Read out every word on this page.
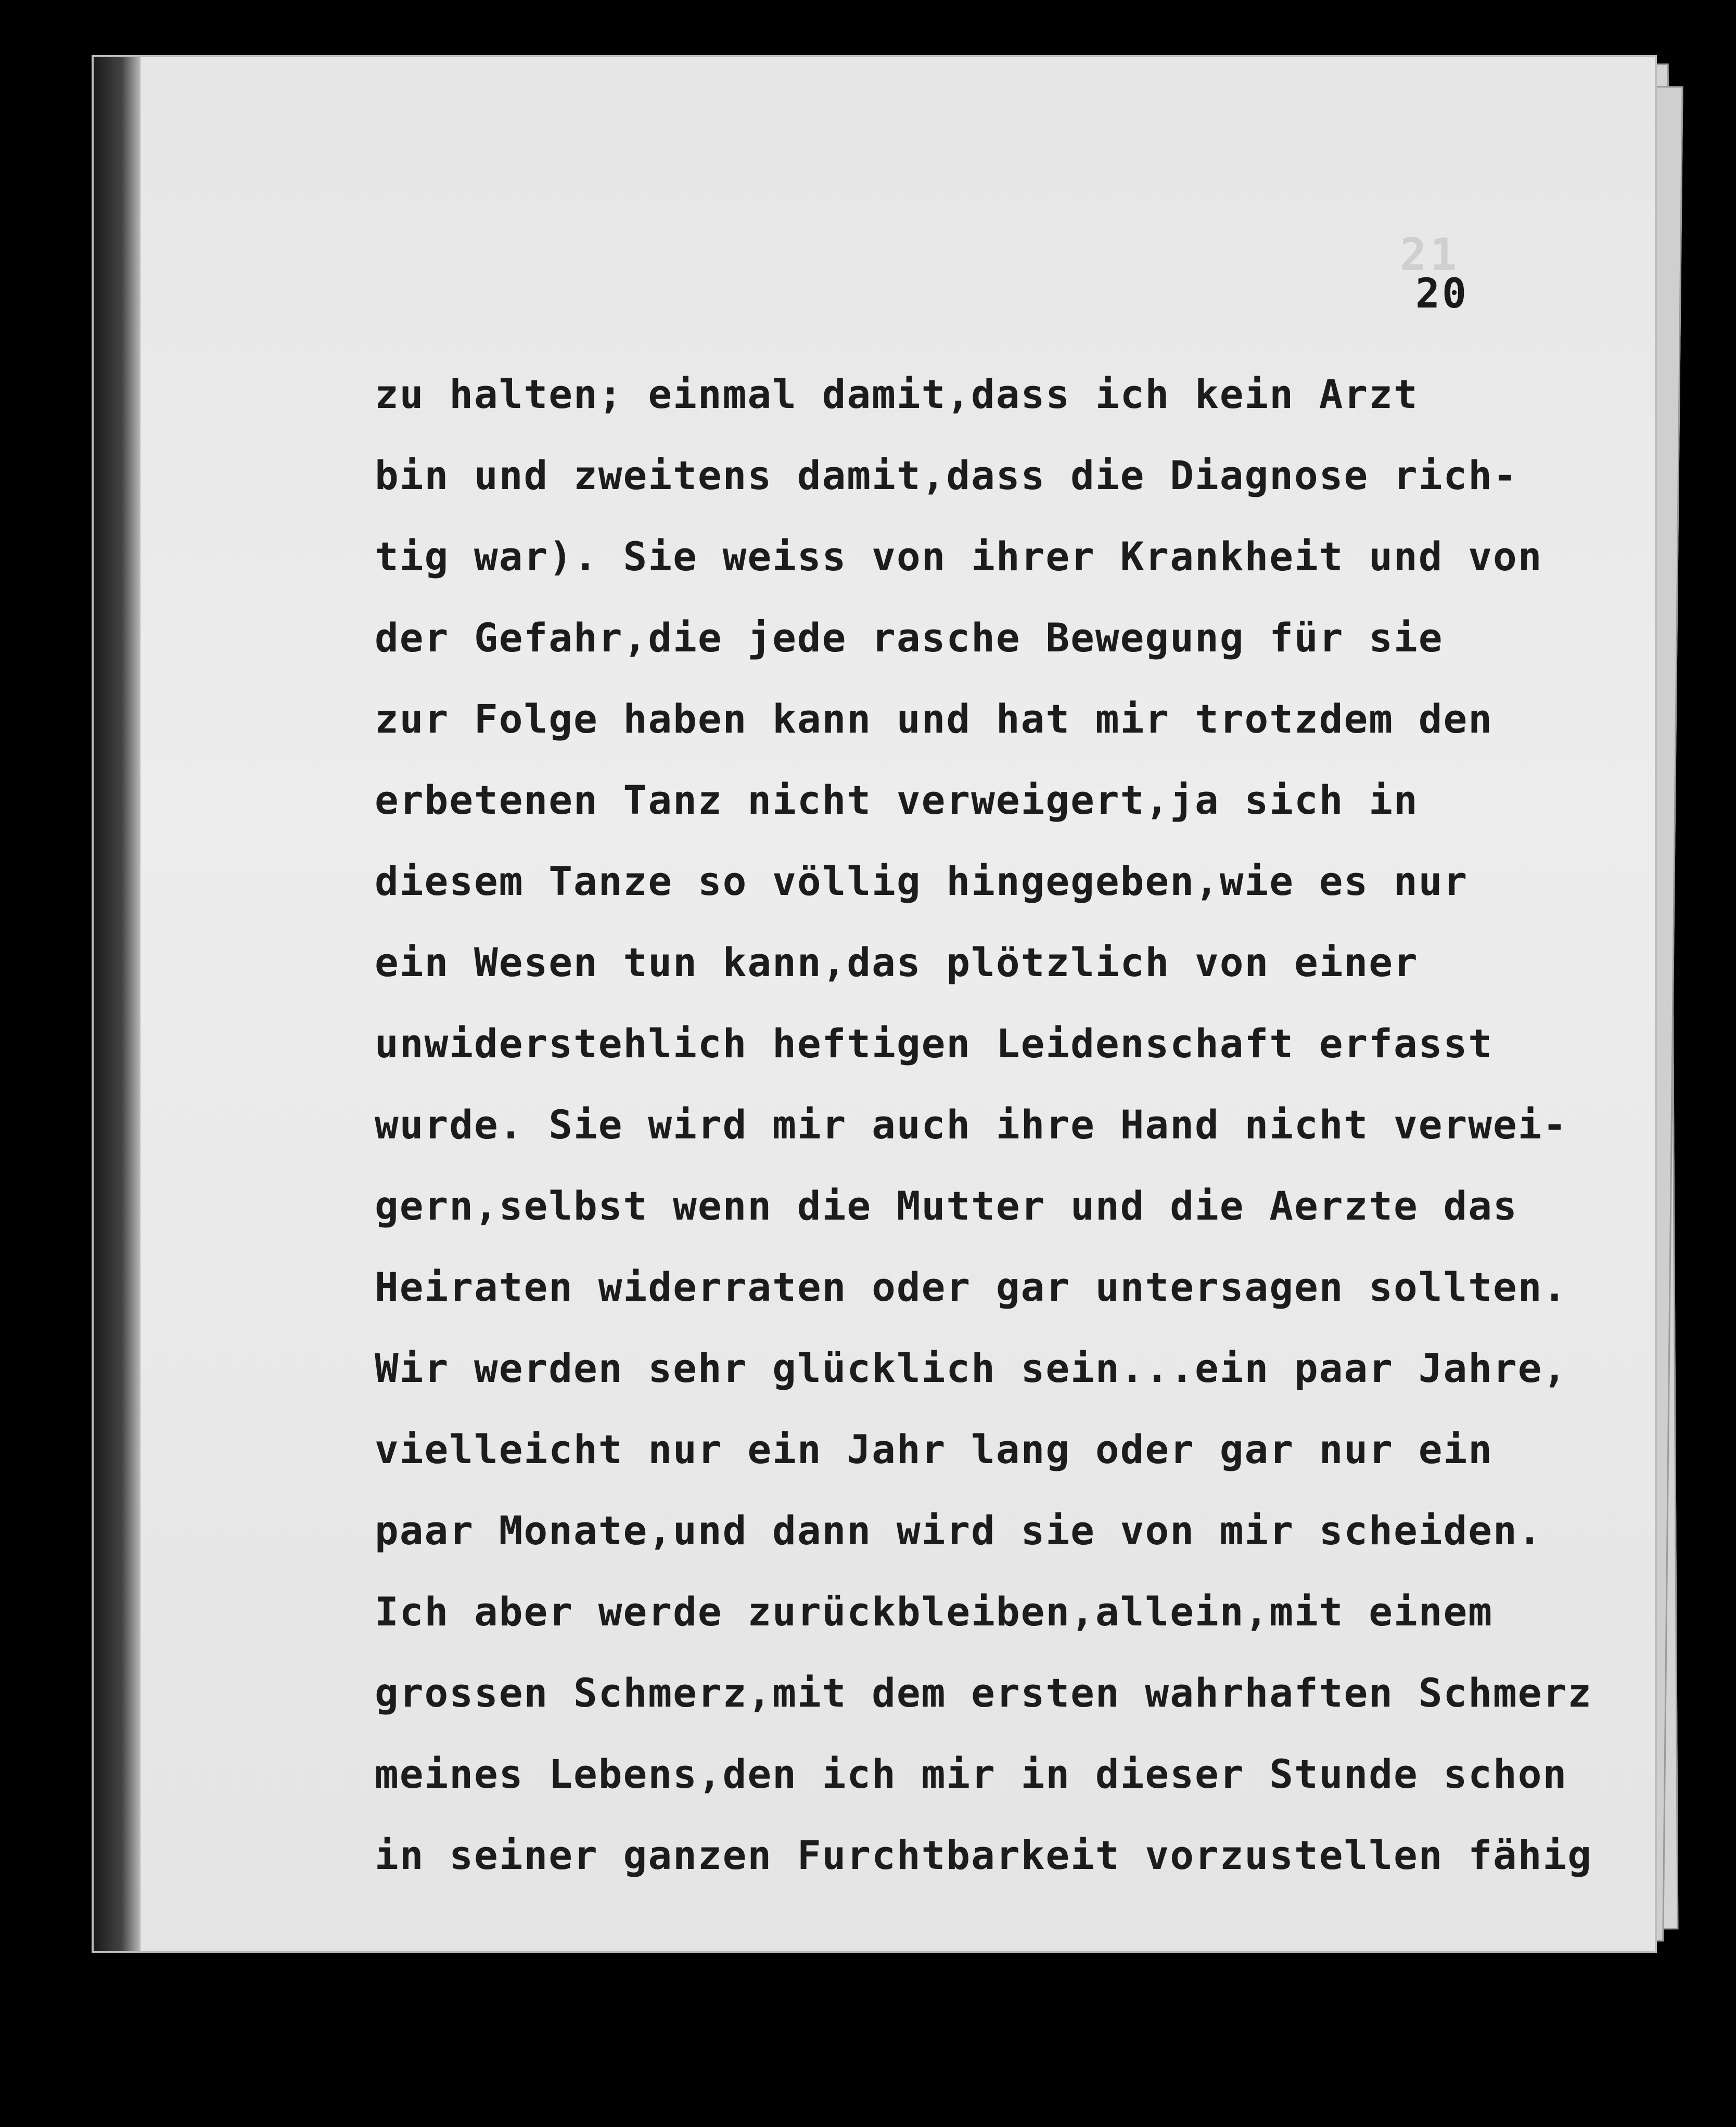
21
20
zu halten; einmal damit,dass ich kein Arzt
bin und zweitens damit,dass die Diagnose rich-
tig war). Sie weiss von ihrer Krankheit und von
der Gefahr,die jede rasche Bewegung für sie
zur Folge haben kann und hat mir trotzdem den
erbetenen Tanz nicht verweigert,ja sich in
diesem Tanze so völlig hingegeben,wie es nur
ein Wesen tun kann,das plötzlich von einer
unwiderstehlich heftigen Leidenschaft erfasst
wurde. Sie wird mir auch ihre Hand nicht verwei-
gern,selbst wenn die Mutter und die Aerzte das
Heiraten widerraten oder gar untersagen sollten.
Wir werden sehr glücklich sein...ein paar Jahre,
vielleicht nur ein Jahr lang oder gar nur ein
paar Monate,und dann wird sie von mir scheiden.
Ich aber werde zurückbleiben,allein,mit einem
grossen Schmerz,mit dem ersten wahrhaften Schmerz
meines Lebens,den ich mir in dieser Stunde schon
in seiner ganzen Furchtbarkeit vorzustellen fähig
